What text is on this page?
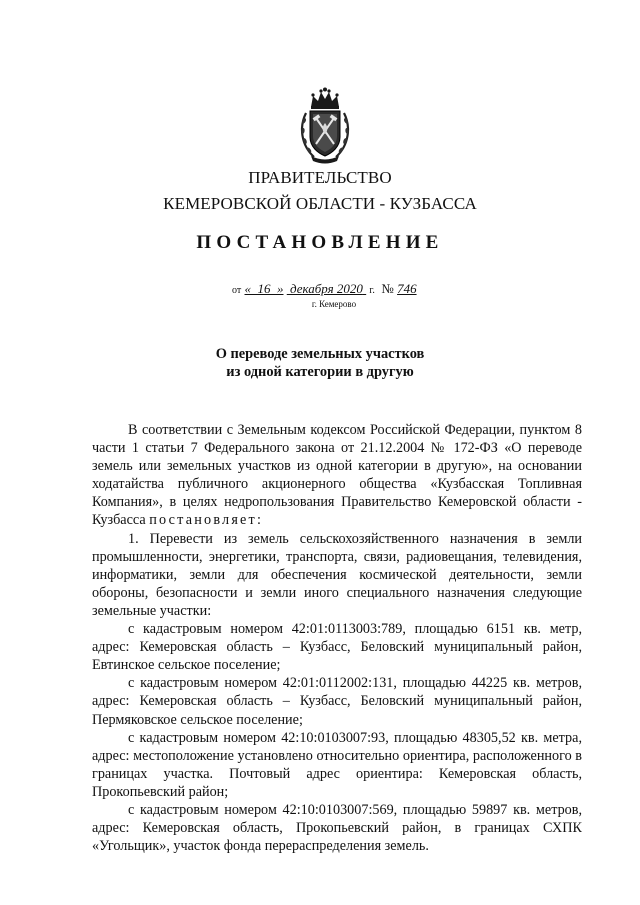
ПРАВИТЕЛЬСТВО
КЕМЕРОВСКОЙ ОБЛАСТИ - КУЗБАССА
ПОСТАНОВЛЕНИЕ
от « 16 » декабря 2020 г. № 746
г. Кемерово
О переводе земельных участков
из одной категории в другую

В соответствии с Земельным кодексом Российской Федерации, пунктом 8 части 1 статьи 7 Федерального закона от 21.12.2004 № 172-ФЗ «О переводе земель или земельных участков из одной категории в другую», на основании ходатайства публичного акционерного общества «Кузбасская Топливная Компания», в целях недропользования Правительство Кемеровской области - Кузбасса постановляет:

1. Перевести из земель сельскохозяйственного назначения в земли промышленности, энергетики, транспорта, связи, радиовещания, телевидения, информатики, земли для обеспечения космической деятельности, земли обороны, безопасности и земли иного специального назначения следующие земельные участки:

с кадастровым номером 42:01:0113003:789, площадью 6151 кв. метр, адрес: Кемеровская область – Кузбасс, Беловский муниципальный район, Евтинское сельское поселение;

с кадастровым номером 42:01:0112002:131, площадью 44225 кв. метров, адрес: Кемеровская область – Кузбасс, Беловский муниципальный район, Пермяковское сельское поселение;

с кадастровым номером 42:10:0103007:93, площадью 48305,52 кв. метра, адрес: местоположение установлено относительно ориентира, расположенного в границах участка. Почтовый адрес ориентира: Кемеровская область, Прокопьевский район;

с кадастровым номером 42:10:0103007:569, площадью 59897 кв. метров, адрес: Кемеровская область, Прокопьевский район, в границах СХПК «Угольщик», участок фонда перераспределения земель.
